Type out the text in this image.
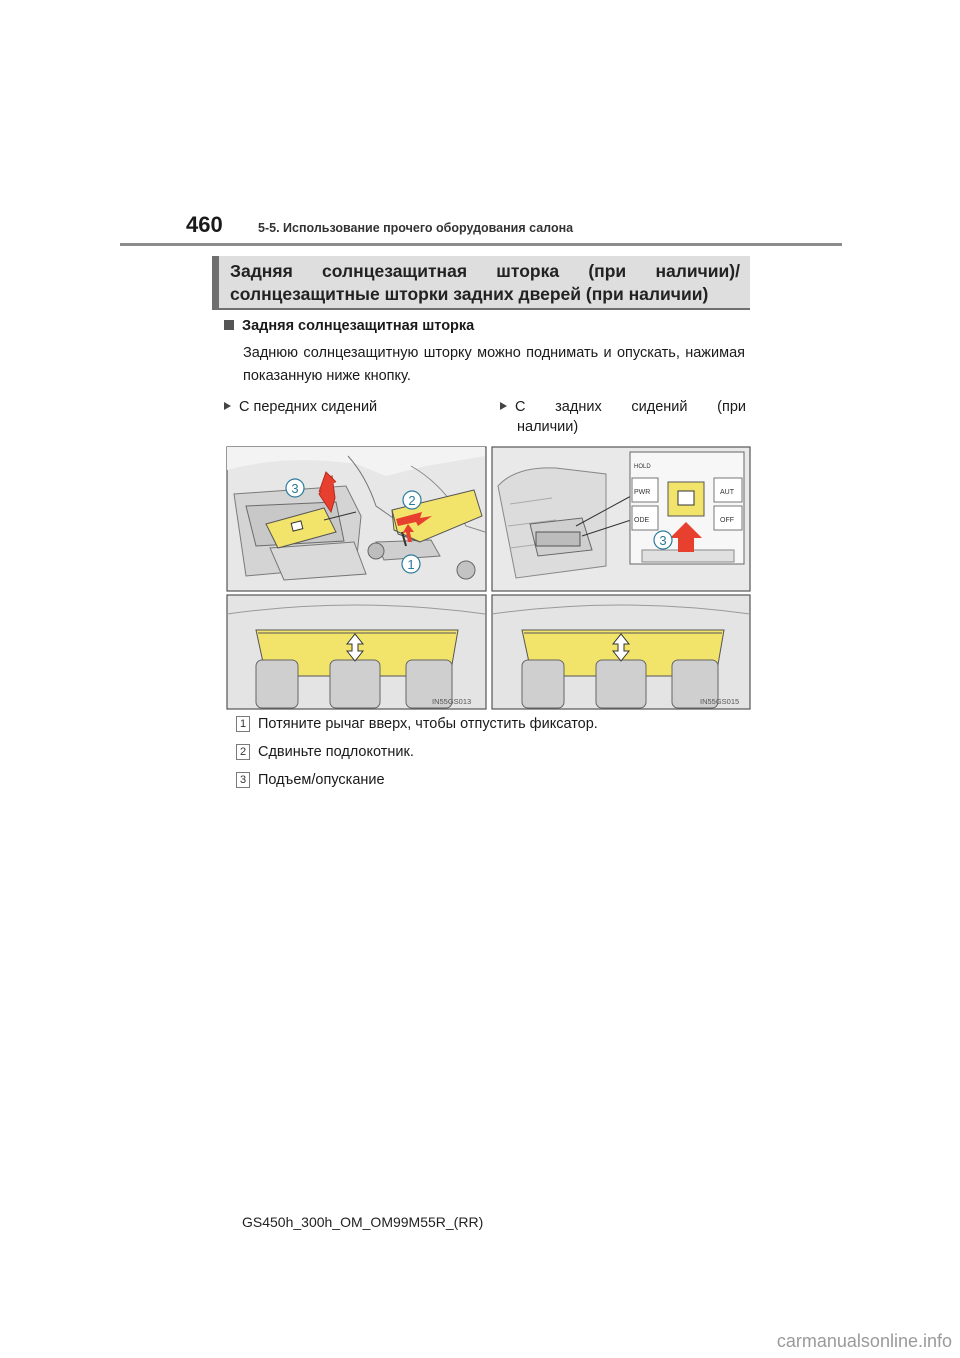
460	5-5. Использование прочего оборудования салона
Задняя солнцезащитная шторка (при наличии)/
солнцезащитные шторки задних дверей (при наличии)
Задняя солнцезащитная шторка
Заднюю солнцезащитную шторку можно поднимать и опускать, нажимая показанную ниже кнопку.
С передних сидений	С задних сидений (при
наличии)
3
2
1
HOLD
PWR
ODE
AUT
OFF
3
IN55GS013	IN55GS015
1 Потяните рычаг вверх, чтобы отпустить фиксатор.
2 Сдвиньте подлокотник.
3 Подъем/опускание
GS450h_300h_OM_OM99M55R_(RR)
carmanualsonline.info
